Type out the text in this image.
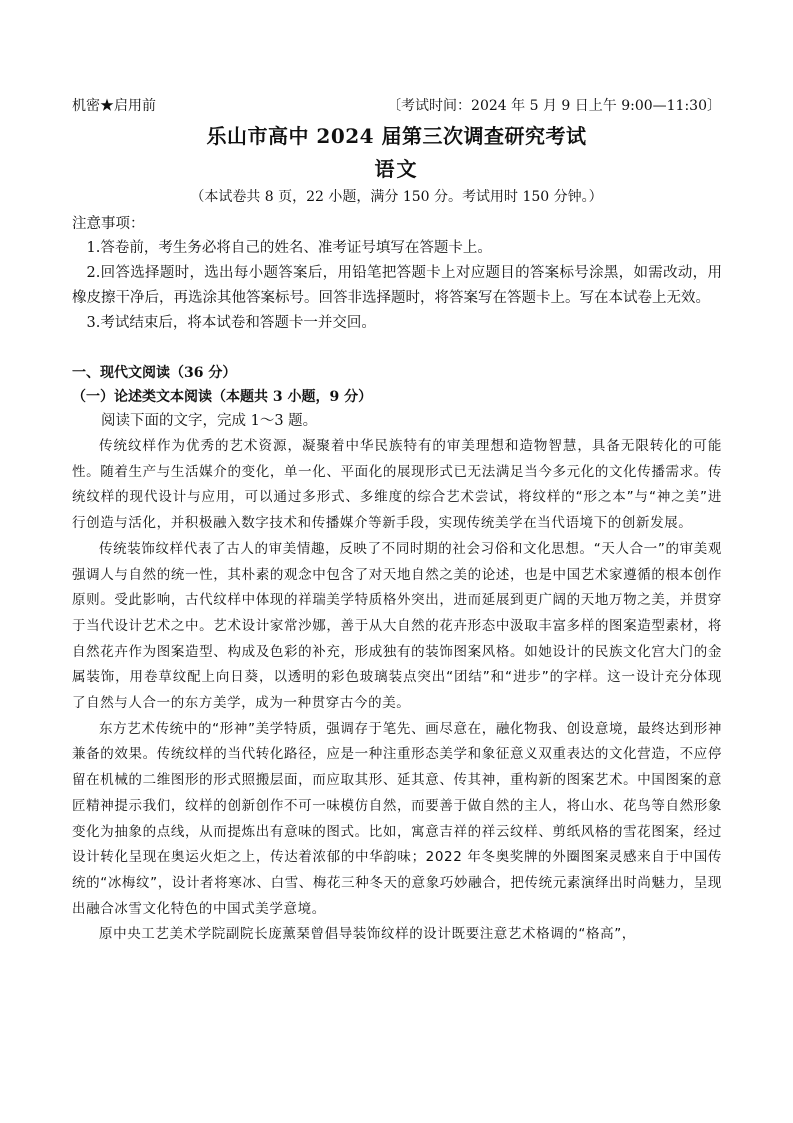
机密★启用前	〔考试时间：2024 年 5 月 9 日上午 9:00—11:30〕
乐山市高中 2024 届第三次调查研究考试
语文
（本试卷共 8 页，22 小题，满分 150 分。考试用时 150 分钟。）
注意事项：

1.答卷前，考生务必将自己的姓名、准考证号填写在答题卡上。

2.回答选择题时，选出每小题答案后，用铅笔把答题卡上对应题目的答案标号涂黑，如需改动，用橡皮擦干净后，再选涂其他答案标号。回答非选择题时，将答案写在答题卡上。写在本试卷上无效。

3.考试结束后，将本试卷和答题卡一并交回。

一、现代文阅读（36 分）
（一）论述类文本阅读（本题共 3 小题，9 分）
阅读下面的文字，完成 1～3 题。

传统纹样作为优秀的艺术资源，凝聚着中华民族特有的审美理想和造物智慧，具备无限转化的可能性。随着生产与生活媒介的变化，单一化、平面化的展现形式已无法满足当今多元化的文化传播需求。传统纹样的现代设计与应用，可以通过多形式、多维度的综合艺术尝试，将纹样的“形之本”与“神之美”进行创造与活化，并积极融入数字技术和传播媒介等新手段，实现传统美学在当代语境下的创新发展。

传统装饰纹样代表了古人的审美情趣，反映了不同时期的社会习俗和文化思想。“天人合一”的审美观强调人与自然的统一性，其朴素的观念中包含了对天地自然之美的论述，也是中国艺术家遵循的根本创作原则。受此影响，古代纹样中体现的祥瑞美学特质格外突出，进而延展到更广阔的天地万物之美，并贯穿于当代设计艺术之中。艺术设计家常沙娜，善于从大自然的花卉形态中汲取丰富多样的图案造型素材，将自然花卉作为图案造型、构成及色彩的补充，形成独有的装饰图案风格。如她设计的民族文化宫大门的金属装饰，用卷草纹配上向日葵，以透明的彩色玻璃装点突出“团结”和“进步”的字样。这一设计充分体现了自然与人合一的东方美学，成为一种贯穿古今的美。

东方艺术传统中的“形神”美学特质，强调存于笔先、画尽意在，融化物我、创设意境，最终达到形神兼备的效果。传统纹样的当代转化路径，应是一种注重形态美学和象征意义双重表达的文化营造，不应停留在机械的二维图形的形式照搬层面，而应取其形、延其意、传其神，重构新的图案艺术。中国图案的意匠精神提示我们，纹样的创新创作不可一味模仿自然，而要善于做自然的主人，将山水、花鸟等自然形象变化为抽象的点线，从而提炼出有意味的图式。比如，寓意吉祥的祥云纹样、剪纸风格的雪花图案，经过设计转化呈现在奥运火炬之上，传达着浓郁的中华韵味；2022 年冬奥奖牌的外圈图案灵感来自于中国传统的“冰梅纹”，设计者将寒冰、白雪、梅花三种冬天的意象巧妙融合，把传统元素演绎出时尚魅力，呈现出融合冰雪文化特色的中国式美学意境。

原中央工艺美术学院副院长庞薰琹曾倡导装饰纹样的设计既要注意艺术格调的“格高”，
